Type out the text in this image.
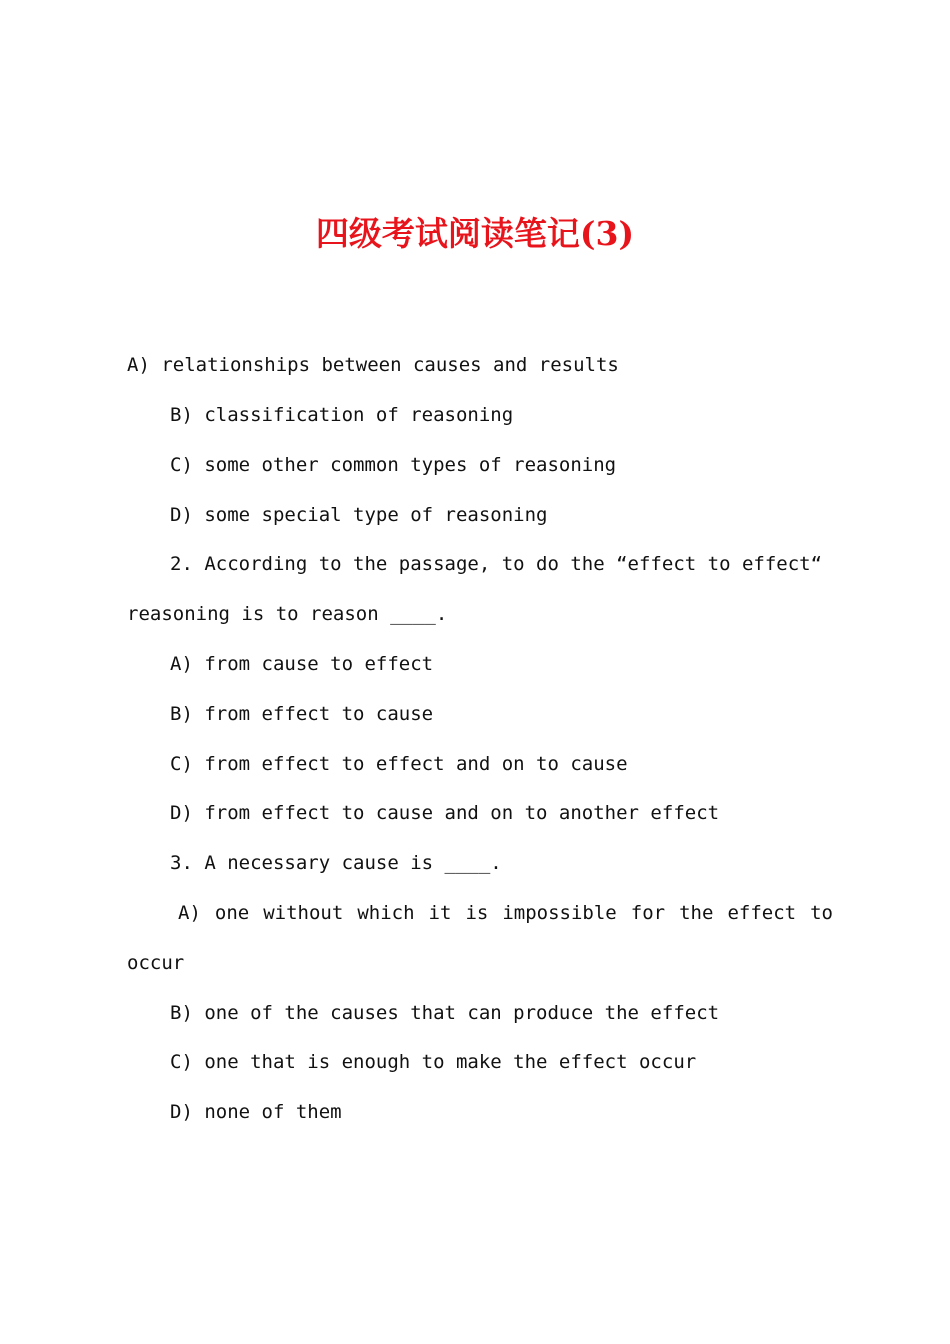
四级考试阅读笔记(3)
A) relationships between causes and results
B) classification of reasoning
C) some other common types of reasoning
D) some special type of reasoning
2. According to the passage, to do the “effect to effect“
reasoning is to reason ____.
A) from cause to effect
B) from effect to cause
C) from effect to effect and on to cause
D) from effect to cause and on to another effect
3. A necessary cause is ____.
A) one without which it is impossible for the effect to
occur
B) one of the causes that can produce the effect
C) one that is enough to make the effect occur
D) none of them
